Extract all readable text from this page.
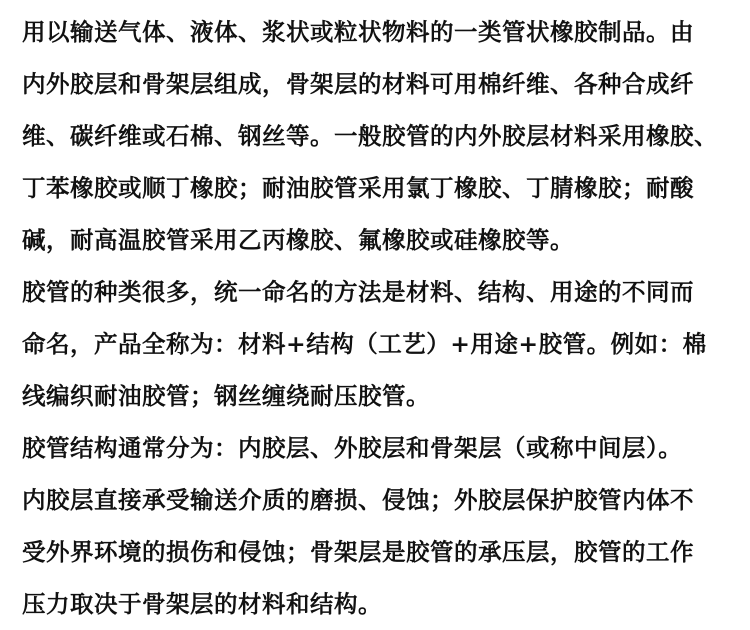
用以输送气体、液体、浆状或粒状物料的一类管状橡胶制品。由
内外胶层和骨架层组成，骨架层的材料可用棉纤维、各种合成纤
维、碳纤维或石棉、钢丝等。一般胶管的内外胶层材料采用橡胶、
丁苯橡胶或顺丁橡胶；耐油胶管采用氯丁橡胶、丁腈橡胶；耐酸
碱，耐高温胶管采用乙丙橡胶、氟橡胶或硅橡胶等。
胶管的种类很多，统一命名的方法是材料、结构、用途的不同而
命名，产品全称为：材料+结构（工艺）+用途+胶管。例如：棉
线编织耐油胶管；钢丝缠绕耐压胶管。
胶管结构通常分为：内胶层、外胶层和骨架层（或称中间层）。
内胶层直接承受输送介质的磨损、侵蚀；外胶层保护胶管内体不
受外界环境的损伤和侵蚀；骨架层是胶管的承压层，胶管的工作
压力取决于骨架层的材料和结构。
